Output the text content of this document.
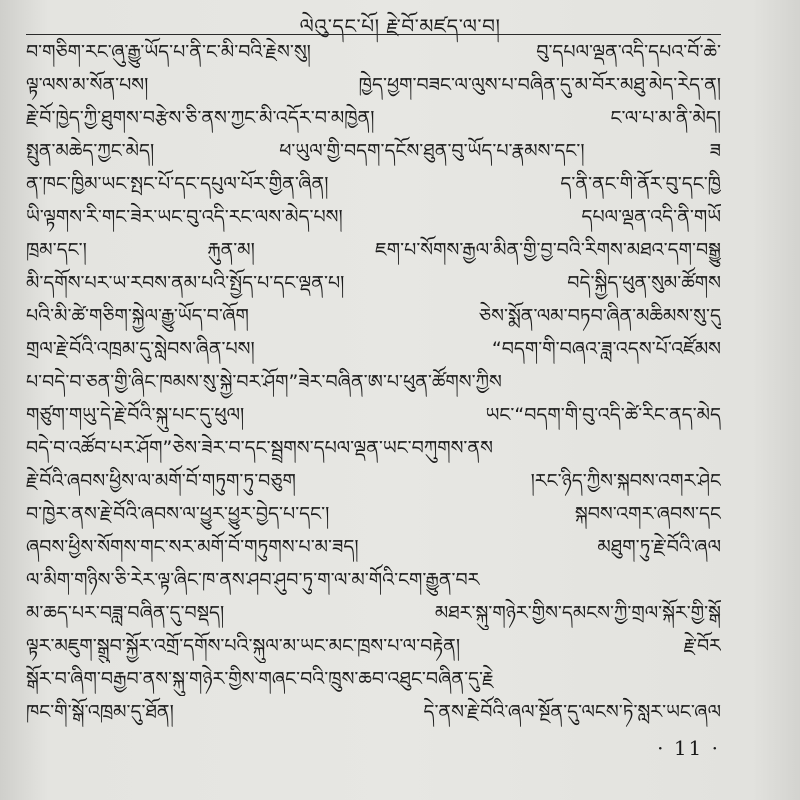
ལེའུ་དང་པོ། རྗེ་བོ་མཛད་ལ་བ།
བ་གཅིག་རང་ཞུ་རྒྱུ་ཡོད་པ་ནི་ང་མི་བའི་རྗེས་སུ། བུ་དཔལ་ལྡན་འདི་དཔའ་བོ་ཆེ་
ལྟ་ལས་མ་སོན་པས། ཁྱེད་ཕྱག་བཟང་ལ་ལུས་པ་བཞིན་དུ་མ་བོར་མཐུ་མེད་རེད་ན།
རྗེ་བོ་ཁྱེད་ཀྱི་ཐུགས་བརྩེས་ཅི་ནས་ཀྱང་མི་འདོར་བ་མཁྱེན། ང་ལ་པ་མ་ནི་མེད།
སྤུན་མཆེད་ཀྱང་མེད། ཕ་ཡུལ་གྱི་བདག་དངོས་ཐུན་བུ་ཡོད་པ་རྣམས་དང་། ཟ
ན་ཁང་ཁྱིམ་ཡང་སྤང་པོ་དང་དཔུལ་པོར་གྱིན་ཞིན། ད་ནི་ནང་གི་ནོར་བུ་དང་ཁྱི
ཡི་ལྟགས་རི་གང་ཟེར་ཡང་བུ་འདི་རང་ལས་མེད་པས། དཔལ་ལྡན་འདི་ནི་གཡོ
ཁྲམ་དང་། རྐུན་མ། ཇག་པ་སོགས་རྒྱལ་མིན་གྱི་བྱ་བའི་རིགས་མཐའ་དག་བསྒྱུ
མི་དགོས་པར་ཡ་རབས་ནམ་པའི་སྤྱོད་པ་དང་ལྡན་པ། བདེ་སྐྱིད་ཕུན་སུམ་ཚོགས
པའི་མི་ཚེ་གཅིག་སྐྱེལ་རྒྱུ་ཡོད་བ་ཞོག ཅེས་སྨོན་ལམ་བཏབ་ཞིན་མཆིམས་སུ་དུ
གྲལ་རྗེ་བོའི་འཁྲམ་དུ་སླེབས་ཞིན་པས། “བདག་གི་བཞའ་ཟླ་འདས་པོ་འཛོམས
པ་བདེ་བ་ཅན་གྱི་ཞིང་ཁམས་སུ་སྐྱེ་བར་ཤོག”ཟེར་བཞིན་ཨ་པ་ཕུན་ཚོགས་ཀྱིས
གཙུག་གཡུ་དེ་རྗེ་བོའི་སྐུ་པང་དུ་ཕུལ། ཡང་“བདག་གི་བུ་འདི་ཚེ་རིང་ནད་མེད
བདེ་བ་འཚོབ་པར་ཤོག”ཅེས་ཟེར་བ་དང་སྦྲགས་དཔལ་ལྡན་ཡང་བཀུགས་ནས
རྗེ་བོའི་ཞབས་ཕྱིས་ལ་མགོ་བོ་གཏུག་ཏུ་བཅུག །རང་ཉིད་ཀྱིས་སྐབས་འགར་ཤེང
བ་ཁྱེར་ནས་རྗེ་བོའི་ཞབས་ལ་ཕྱུར་ཕྱུར་བྱེད་པ་དང་། སྐབས་འགར་ཞབས་དང
ཞབས་ཕྱིས་སོགས་གང་སར་མགོ་བོ་གཏུགས་པ་མ་ཟད། མཐུག་ཏུ་རྗེ་བོའི་ཞལ
ལ་མིག་གཉིས་ཅི་རེར་ལྟ་ཞིང་ཁ་ནས་ཤབ་ཤུབ་ཏུ་ག་ལ་མ་གོའི་ངག་རྒྱུན་བར
མ་ཆད་པར་བཟླ་བཞིན་དུ་བསྡད། མཐར་སྐུ་གཉེར་གྱིས་དམངས་ཀྱི་གྲལ་སྐོར་གྱི་སྒོ
ལྟར་མཇུག་སྒྲུབ་སྐྱོར་འགྲོ་དགོས་པའི་སྐུལ་མ་ཡང་མང་ཁྲས་པ་ལ་བརྟེན། རྗེ་བོར
སྒོར་བ་ཞིག་བརྒྱབ་ནས་སྐུ་གཉེར་གྱིས་གཞང་བའི་ཁྲུས་ཆབ་འཐུང་བཞིན་དུ་རྗེ
ཁང་གི་སྒོ་འཁྲམ་དུ་ཐོན། དེ་ནས་རྗེ་བོའི་ཞལ་སྔོན་དུ་ལངས་ཏེ་སླར་ཡང་ཞལ
· 11 ·
